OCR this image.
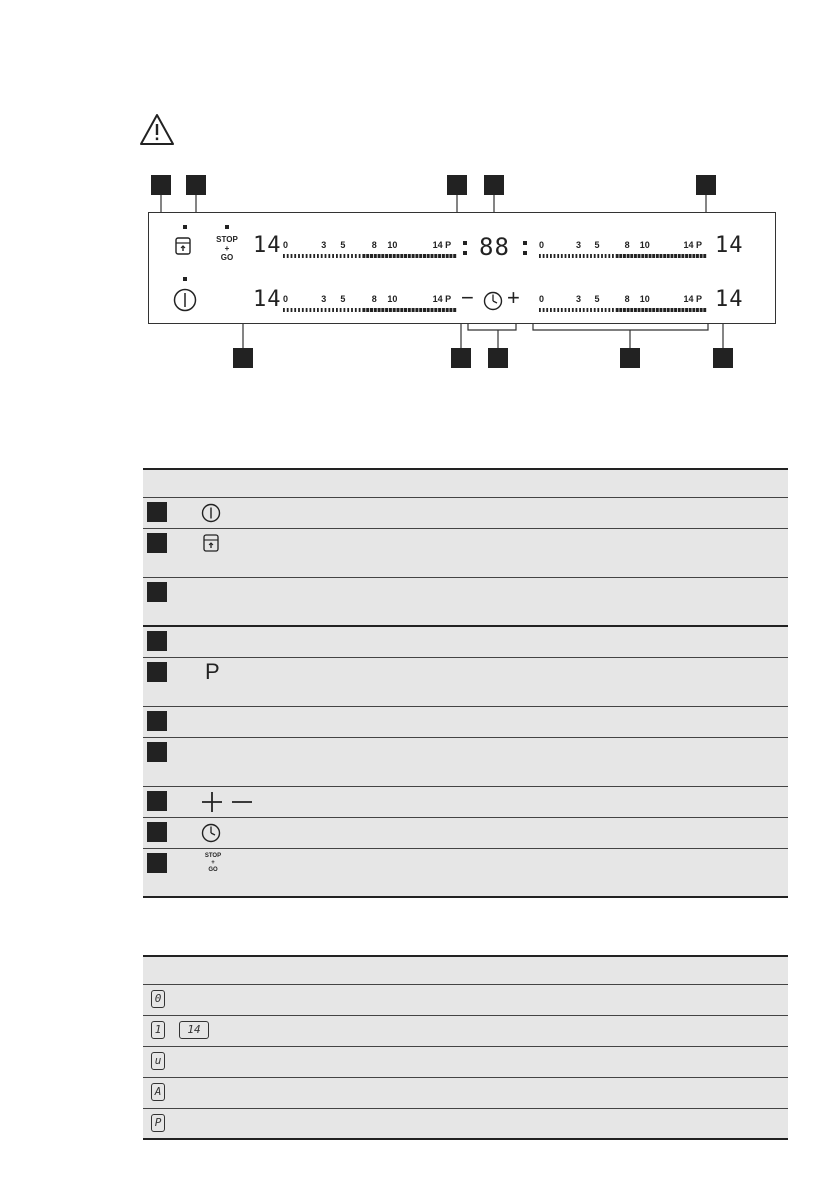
STOP
+
GO 14
14
0	3 5	8 10	14 P
0	3 5	8 10	14 P
0	3 5	8 10	14 P
0	3 5	8 10	14 P
88
− +
14
14
P
STOP
+
GO
0
1	14
u
A
P
